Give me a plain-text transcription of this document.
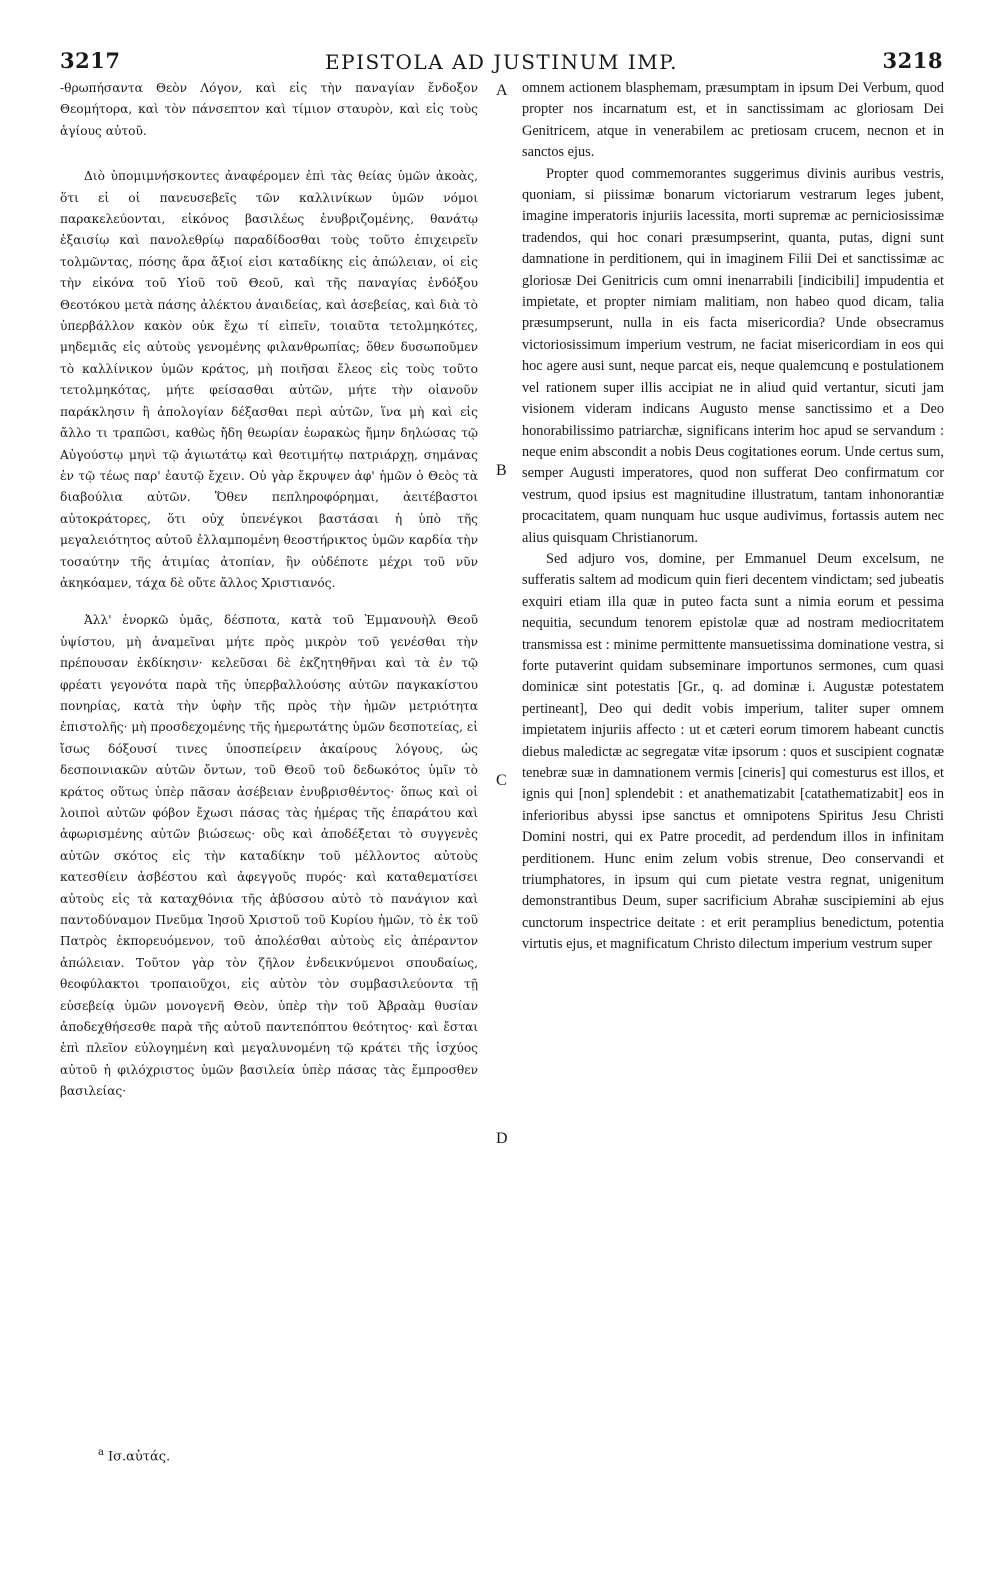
3217	EPISTOLA AD JUSTINUM IMP.	3218

-θρωπήσαντα Θεὸν Λόγον, καὶ εἰς τὴν παναγίαν ἔνδοξον Θεομήτορα, καὶ τὸν πάνσεπτον καὶ τίμιον σταυρὸν, καὶ εἰς τοὺς ἁγίους αὐτοῦ.

Διὸ ὑπομιμνήσκοντες ἀναφέρομεν ἐπὶ τὰς θείας ὑμῶν ἀκοὰς, ὅτι εἰ οἱ πανευσεβεῖς τῶν καλλινίκων ὑμῶν νόμοι παρακελεύονται, εἰκόνος βασιλέως ἐνυβριζομένης, θανάτῳ ἐξαισίῳ καὶ πανολεθρίῳ παραδίδοσθαι τοὺς τοῦτο ἐπιχειρεῖν τολμῶντας, πόσης ἄρα ἄξιοί εἰσι καταδίκης εἰς ἀπώλειαν, οἱ εἰς τὴν εἰκόνα τοῦ Υἱοῦ τοῦ Θεοῦ, καὶ τῆς παναγίας ἐνδόξου Θεοτόκου μετὰ πάσης ἀλέκτου ἀναιδείας, καὶ ἀσεβείας, καὶ διὰ τὸ ὑπερβάλλον κακὸν οὐκ ἔχω τί εἰπεῖν, τοιαῦτα τετολμηκότες, μηδεμιᾶς εἰς αὐτοὺς γενομένης φιλανθρωπίας; ὅθεν δυσωποῦμεν τὸ καλλίνικον ὑμῶν κράτος, μὴ ποιῆσαι ἔλεος εἰς τοὺς τοῦτο τετολμηκότας, μήτε φείσασθαι αὐτῶν, μήτε τὴν οἱανοῦν παράκλησιν ἢ ἀπολογίαν δέξασθαι περὶ αὐτῶν, ἵνα μὴ καὶ εἰς ἄλλο τι τραπῶσι, καθὼς ἤδη θεωρίαν ἑωρακὼς ἤμην δηλώσας τῷ Αὐγούστῳ μηνὶ τῷ ἁγιωτάτῳ καὶ θεοτιμήτῳ πατριάρχῃ, σημάνας ἐν τῷ τέως παρ' ἑαυτῷ ἔχειν. Οὐ γὰρ ἔκρυψεν ἀφ' ἡμῶν ὁ Θεὸς τὰ διαβούλια αὐτῶν. Ὅθεν πεπληροφόρημαι, ἀειτέβαστοι αὐτοκράτορες, ὅτι οὐχ ὑπενέγκοι βαστάσαι ἡ ὑπὸ τῆς μεγαλειότητος αὐτοῦ ἐλλαμπομένη θεοστήρικτος ὑμῶν καρδία τὴν τοσαύτην τῆς ἀτιμίας ἀτοπίαν, ἣν οὐδέποτε μέχρι τοῦ νῦν ἀκηκόαμεν, τάχα δὲ οὔτε ἄλλος Χριστιανός.

Ἀλλ' ἐνορκῶ ὑμᾶς, δέσποτα, κατὰ τοῦ Ἐμμανουὴλ Θεοῦ ὑψίστου, μὴ ἀναμεῖναι μήτε πρὸς μικρὸν τοῦ γενέσθαι τὴν πρέπουσαν ἐκδίκησιν· κελεῦσαι δὲ ἐκζητηθῆναι καὶ τὰ ἐν τῷ φρέατι γεγονότα παρὰ τῆς ὑπερβαλλούσης αὐτῶν παγκακίστου πονηρίας, κατὰ τὴν ὑφὴν τῆς πρὸς τὴν ἡμῶν μετριότητα ἐπιστολῆς· μὴ προσδεχομένης τῆς ἡμερωτάτης ὑμῶν δεσποτείας, εἰ ἴσως δόξουσί τινες ὑποσπείρειν ἀκαίρους λόγους, ὡς δεσποινιακῶν αὐτῶν ὄντων, τοῦ Θεοῦ τοῦ δεδωκότος ὑμῖν τὸ κράτος οὕτως ὑπὲρ πᾶσαν ἀσέβειαν ἐνυβρισθέντος· ὅπως καὶ οἱ λοιποὶ αὐτῶν φόβον ἔχωσι πάσας τὰς ἡμέρας τῆς ἐπαράτου καὶ ἀφωρισμένης αὐτῶν βιώσεως· οὓς καὶ ἀποδέξεται τὸ συγγενὲς αὐτῶν σκότος εἰς τὴν καταδίκην τοῦ μέλλοντος αὐτοὺς κατεσθίειν ἀσβέστου καὶ ἀφεγγοῦς πυρός· καὶ καταθεματίσει αὐτοὺς εἰς τὰ καταχθόνια τῆς ἀβύσσου αὐτὸ τὸ πανάγιον καὶ παντοδύναμον Πνεῦμα Ἰησοῦ Χριστοῦ τοῦ Κυρίου ἡμῶν, τὸ ἐκ τοῦ Πατρὸς ἐκπορευόμενον, τοῦ ἀπολέσθαι αὐτοὺς εἰς ἀπέραντον ἀπώλειαν. Τοῦτον γὰρ τὸν ζῆλον ἐνδεικνύμενοι σπουδαίως, θεοφύλακτοι τροπαιοῦχοι, εἰς αὐτὸν τὸν συμβασιλεύοντα τῇ εὐσεβείᾳ ὑμῶν μονογενῆ Θεὸν, ὑπὲρ τὴν τοῦ Ἀβραὰμ θυσίαν ἀποδεχθήσεσθε παρὰ τῆς αὐτοῦ παντεπόπτου θεότητος· καὶ ἔσται ἐπὶ πλεῖον εὐλογημένη καὶ μεγαλυνομένη τῷ κράτει τῆς ἰσχύος αὐτοῦ ἡ φιλόχριστος ὑμῶν βασιλεία ὑπὲρ πάσας τὰς ἔμπροσθεν βασιλείας·

A
B
C
D

omnem actionem blasphemam, præsumptam in ipsum Dei Verbum, quod propter nos incarnatum est, et in sanctissimam ac gloriosam Dei Genitricem, atque in venerabilem ac pretiosam crucem, necnon et in sanctos ejus.

Propter quod commemorantes suggerimus divinis auribus vestris, quoniam, si piissimæ bonarum victoriarum vestrarum leges jubent, imagine imperatoris injuriis lacessita, morti supremæ ac perniciosissimæ tradendos, qui hoc conari præsumpserint, quanta, putas, digni sunt damnatione in perditionem, qui in imaginem Filii Dei et sanctissimæ ac gloriosæ Dei Genitricis cum omni inenarrabili [indicibili] impudentia et impietate, et propter nimiam malitiam, non habeo quod dicam, talia præsumpserunt, nulla in eis facta misericordia? Unde obsecramus victoriosissimum imperium vestrum, ne faciat misericordiam in eos qui hoc agere ausi sunt, neque parcat eis, neque qualemcunq e postulationem vel rationem super illis accipiat ne in aliud quid vertantur, sicuti jam visionem videram indicans Augusto mense sanctissimo et a Deo honorabilissimo patriarchæ, significans interim hoc apud se servandum : neque enim abscondit a nobis Deus cogitationes eorum. Unde certus sum, semper Augusti imperatores, quod non sufferat Deo confirmatum cor vestrum, quod ipsius est magnitudine illustratum, tantam inhonorantiæ procacitatem, quam nunquam huc usque audivimus, fortassis autem nec alius quisquam Christianorum.

Sed adjuro vos, domine, per Emmanuel Deum excelsum, ne sufferatis saltem ad modicum quin fieri decentem vindictam; sed jubeatis exquiri etiam illa quæ in puteo facta sunt a nimia eorum et pessima nequitia, secundum tenorem epistolæ quæ ad nostram mediocritatem transmissa est : minime permittente mansuetissima dominatione vestra, si forte putaverint quidam subseminare importunos sermones, cum quasi dominicæ sint potestatis [Gr., q. ad dominæ i. Augustæ potestatem pertineant], Deo qui dedit vobis imperium, taliter super omnem impietatem injuriis affecto : ut et cæteri eorum timorem habeant cunctis diebus maledictæ ac segregatæ vitæ ipsorum : quos et suscipient cognatæ tenebræ suæ in damnationem vermis [cineris] qui comesturus est illos, et ignis qui [non] splendebit : et anathematizabit [catathematizabit] eos in inferioribus abyssi ipse sanctus et omnipotens Spiritus Jesu Christi Domini nostri, qui ex Patre procedit, ad perdendum illos in infinitam perditionem. Hunc enim zelum vobis strenue, Deo conservandi et triumphatores, in ipsum qui cum pietate vestra regnat, unigenitum demonstrantibus Deum, super sacrificium Abrahæ suscipiemini ab ejus cunctorum inspectrice deitate : et erit peramplius benedictum, potentia virtutis ejus, et magnificatum Christo dilectum imperium vestrum super

$^a$ Ισ.αὐτάς.
